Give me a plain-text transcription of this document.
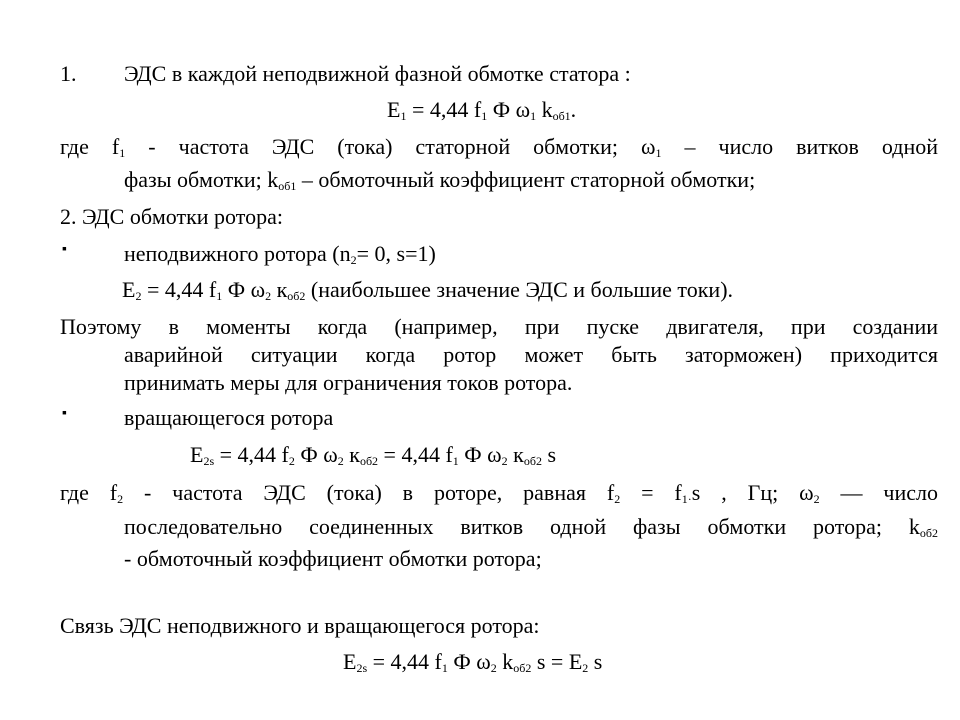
1. ЭДС в каждой неподвижной фазной обмотке статора :
$E_1 = 4,44$ $f_1$ Ф $\omega_1$ $k_{об1}$.
где $f_1$ - частота ЭДС (тока) статорной обмотки; $\omega_1$ – число витков одной
фазы обмотки; $k_{об1}$ – обмоточный коэффициент статорной обмотки;
2. ЭДС обмотки ротора:
▪	неподвижного ротора ($n_2= 0$, s=1)
$E_2 = 4,44$ $f_1$ Ф $\omega_2$ $к_{об2}$ (наибольшее значение ЭДС и большие токи).
Поэтому в моменты когда (например, при пуске двигателя, при создании
аварийной ситуации когда ротор может быть заторможен) приходится
принимать меры для ограничения токов ротора.
▪	вращающегося ротора
$E_{2s} = 4,44$ $f_2$ Ф $\omega_2$ $к_{об2} = 4,44$ $f_1$ Ф $\omega_2$ $к_{об2}$ s
где $f_2$ - частота ЭДС (тока) в роторе, равная $f_2 = f_{1\cdot}s$ , Гц; $\omega_2$ — число
последовательно соединенных витков одной фазы обмотки ротора; $k_{об2}$
- обмоточный коэффициент обмотки ротора;
Связь ЭДС неподвижного и вращающегося ротора:
$E_{2s} = 4,44$ $f_1$ Ф $\omega_2$ $k_{об2}$ $s = E_2$ s
